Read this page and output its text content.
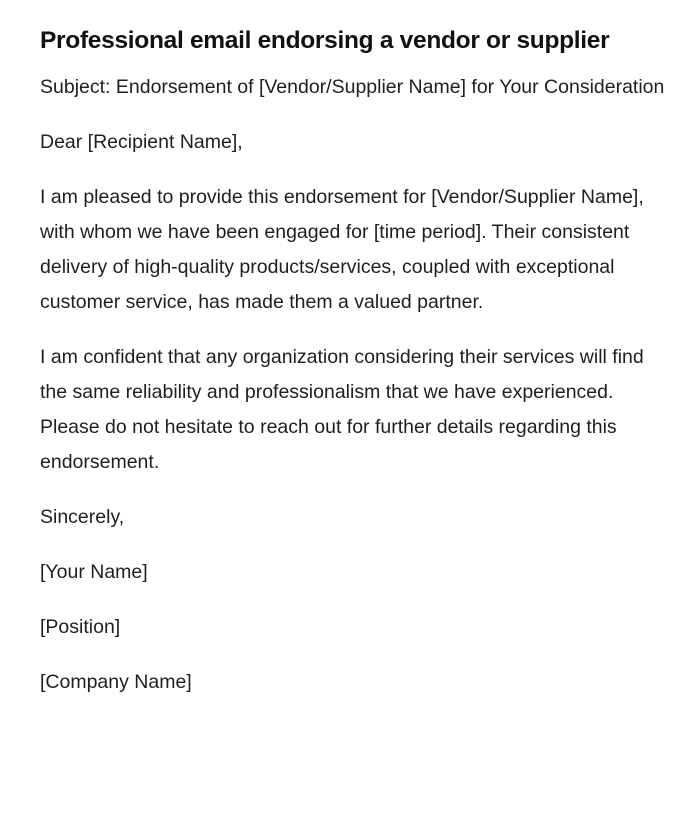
Professional email endorsing a vendor or supplier

Subject: Endorsement of [Vendor/Supplier Name] for Your Consideration

Dear [Recipient Name],

I am pleased to provide this endorsement for [Vendor/Supplier Name], with whom we have been engaged for [time period]. Their consistent delivery of high-quality products/services, coupled with exceptional customer service, has made them a valued partner.

I am confident that any organization considering their services will find the same reliability and professionalism that we have experienced. Please do not hesitate to reach out for further details regarding this endorsement.

Sincerely,

[Your Name]

[Position]

[Company Name]
